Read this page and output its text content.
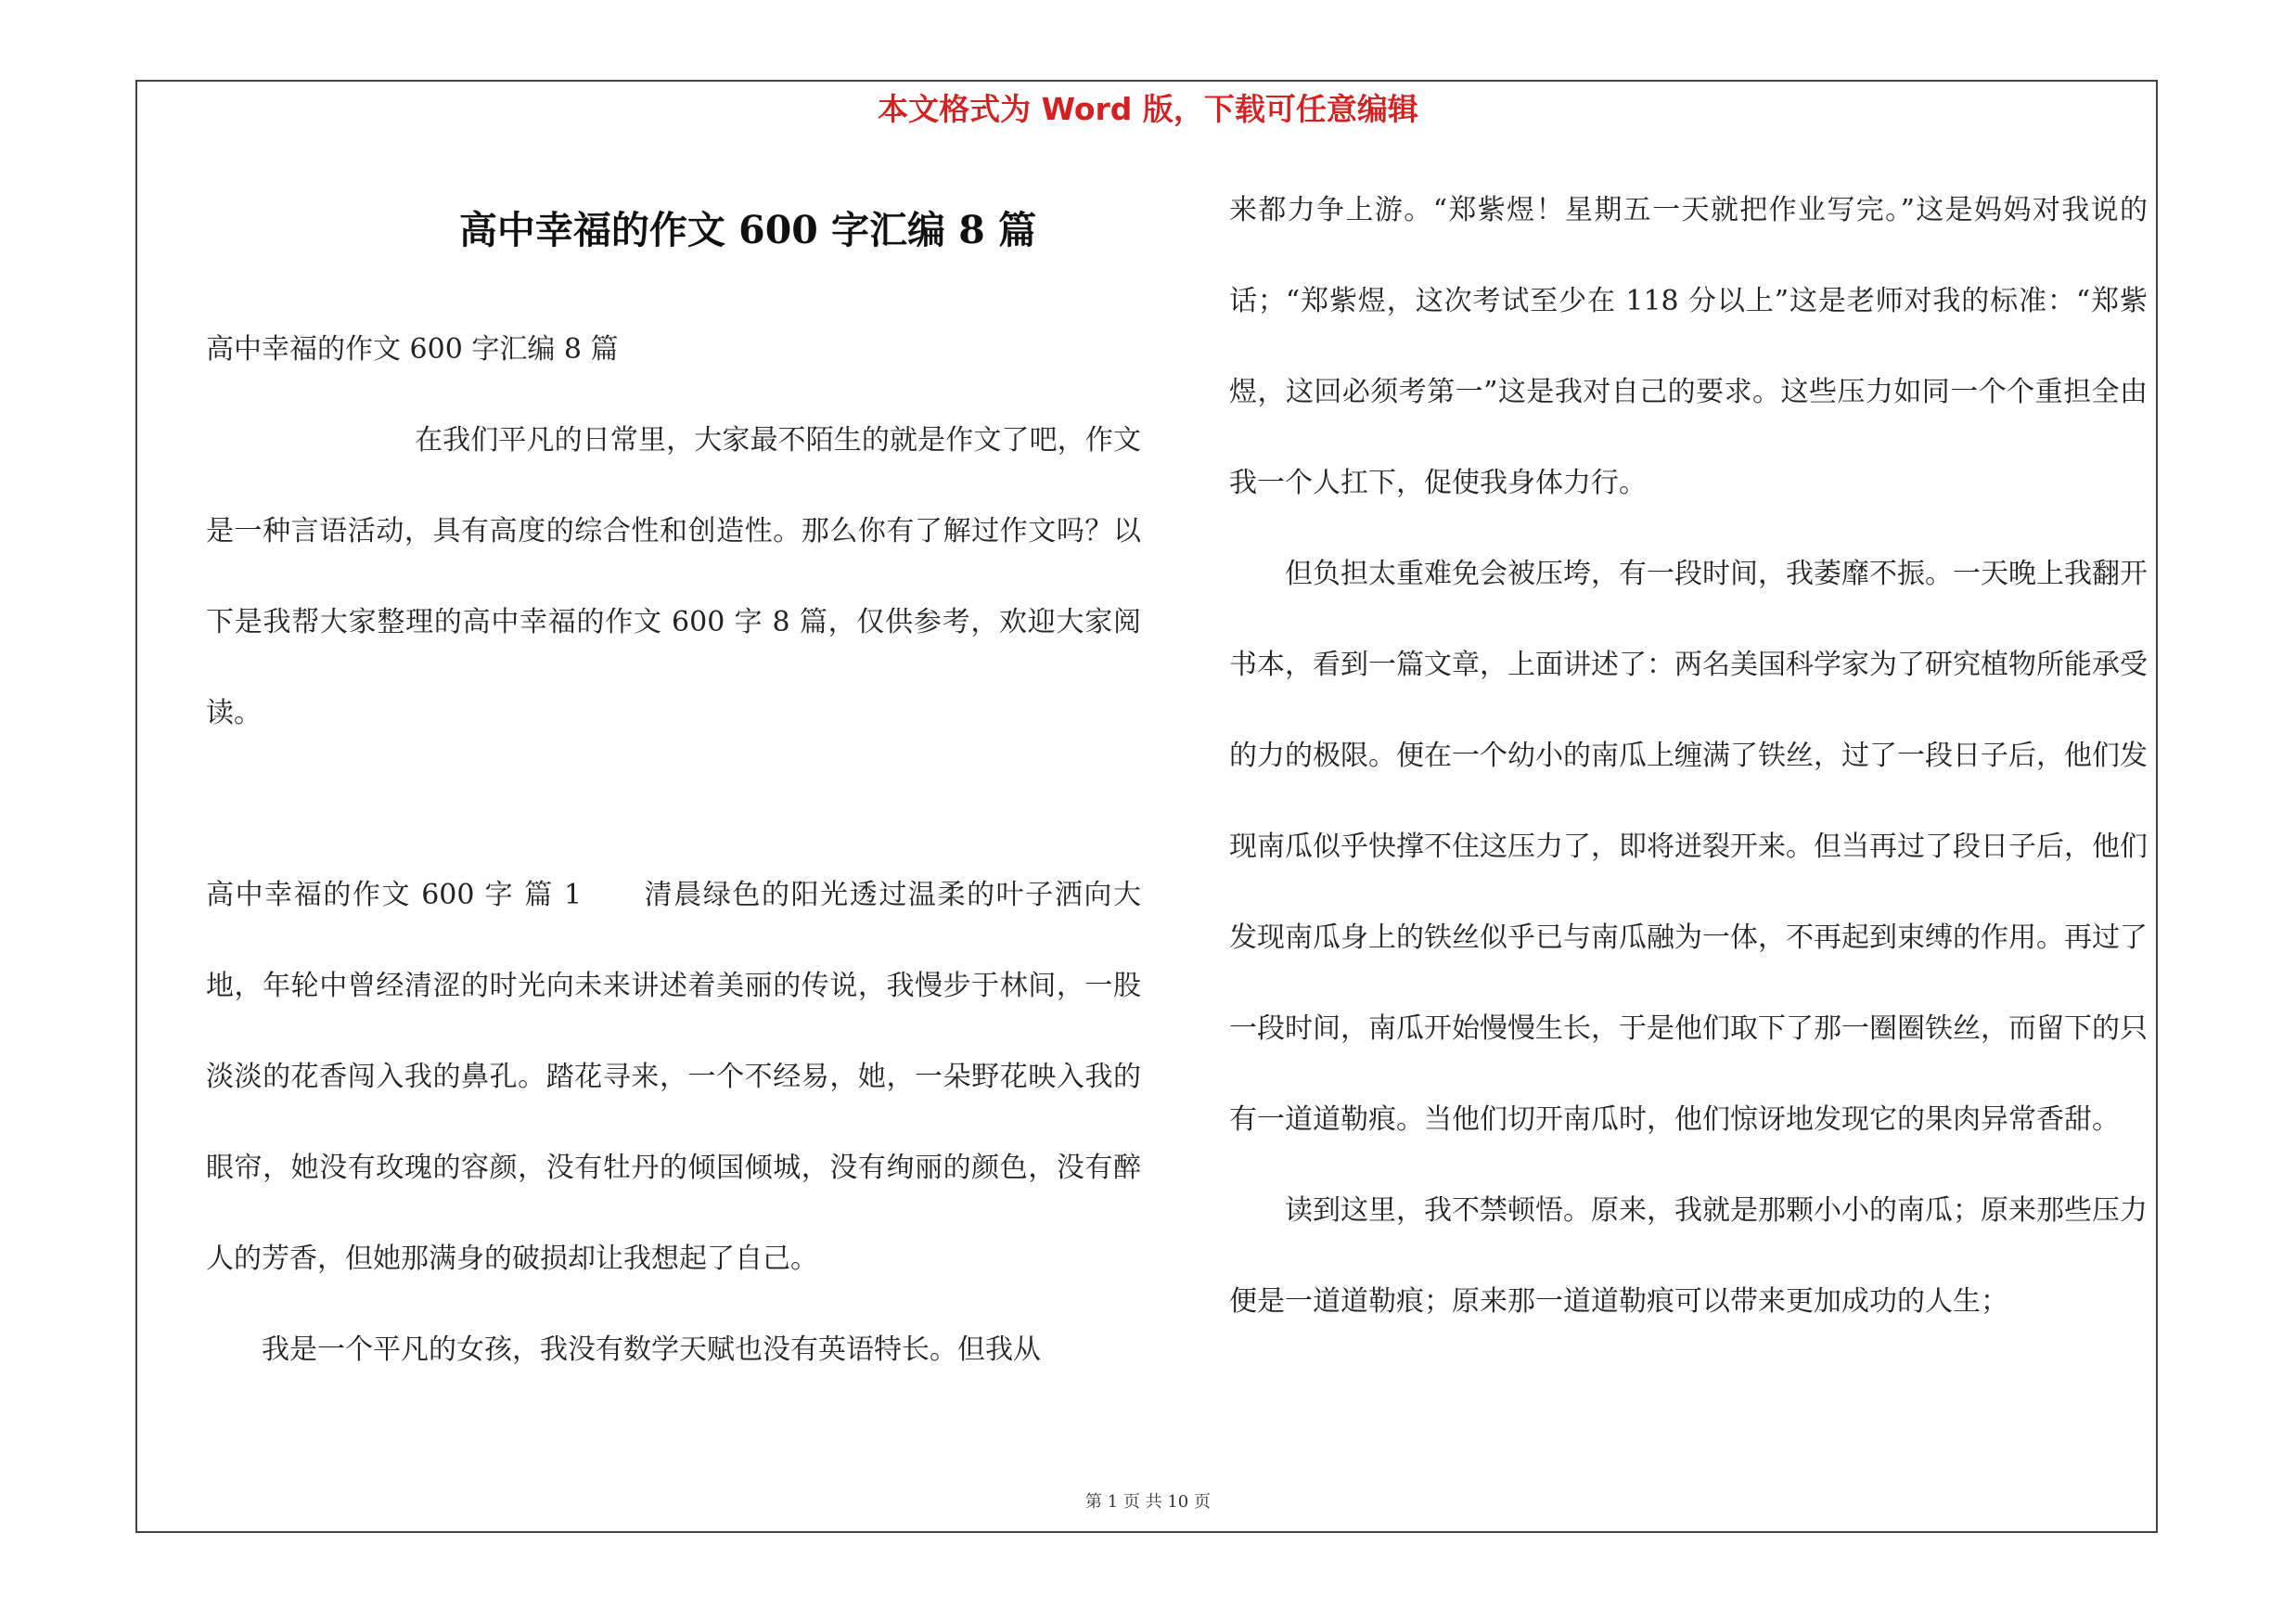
本文格式为 Word 版，下载可任意编辑
高中幸福的作文 600 字汇编 8 篇

高中幸福的作文 600 字汇编 8 篇

在我们平凡的日常里，大家最不陌生的就是作文了吧，作文是一种言语活动，具有高度的综合性和创造性。那么你有了解过作文吗？以下是我帮大家整理的高中幸福的作文 600 字 8 篇，仅供参考，欢迎大家阅读。

高中幸福的作文 600 字 篇 1 清晨绿色的阳光透过温柔的叶子洒向大地，年轮中曾经清涩的时光向未来讲述着美丽的传说，我慢步于林间，一股淡淡的花香闯入我的鼻孔。踏花寻来，一个不经易，她，一朵野花映入我的眼帘，她没有玫瑰的容颜，没有牡丹的倾国倾城，没有绚丽的颜色，没有醉人的芳香，但她那满身的破损却让我想起了自己。

我是一个平凡的女孩，我没有数学天赋也没有英语特长。但我从

来都力争上游。“郑紫煜！星期五一天就把作业写完。”这是妈妈对我说的话；“郑紫煜，这次考试至少在 118 分以上”这是老师对我的标准：“郑紫煜，这回必须考第一”这是我对自己的要求。这些压力如同一个个重担全由我一个人扛下，促使我身体力行。

但负担太重难免会被压垮，有一段时间，我萎靡不振。一天晚上我翻开书本，看到一篇文章，上面讲述了：两名美国科学家为了研究植物所能承受的力的极限。便在一个幼小的南瓜上缠满了铁丝，过了一段日子后，他们发现南瓜似乎快撑不住这压力了，即将迸裂开来。但当再过了段日子后，他们发现南瓜身上的铁丝似乎已与南瓜融为一体，不再起到束缚的作用。再过了一段时间，南瓜开始慢慢生长，于是他们取下了那一圈圈铁丝，而留下的只有一道道勒痕。当他们切开南瓜时，他们惊讶地发现它的果肉异常香甜。

读到这里，我不禁顿悟。原来，我就是那颗小小的南瓜；原来那些压力便是一道道勒痕；原来那一道道勒痕可以带来更加成功的人生；

第 1 页 共 10 页
